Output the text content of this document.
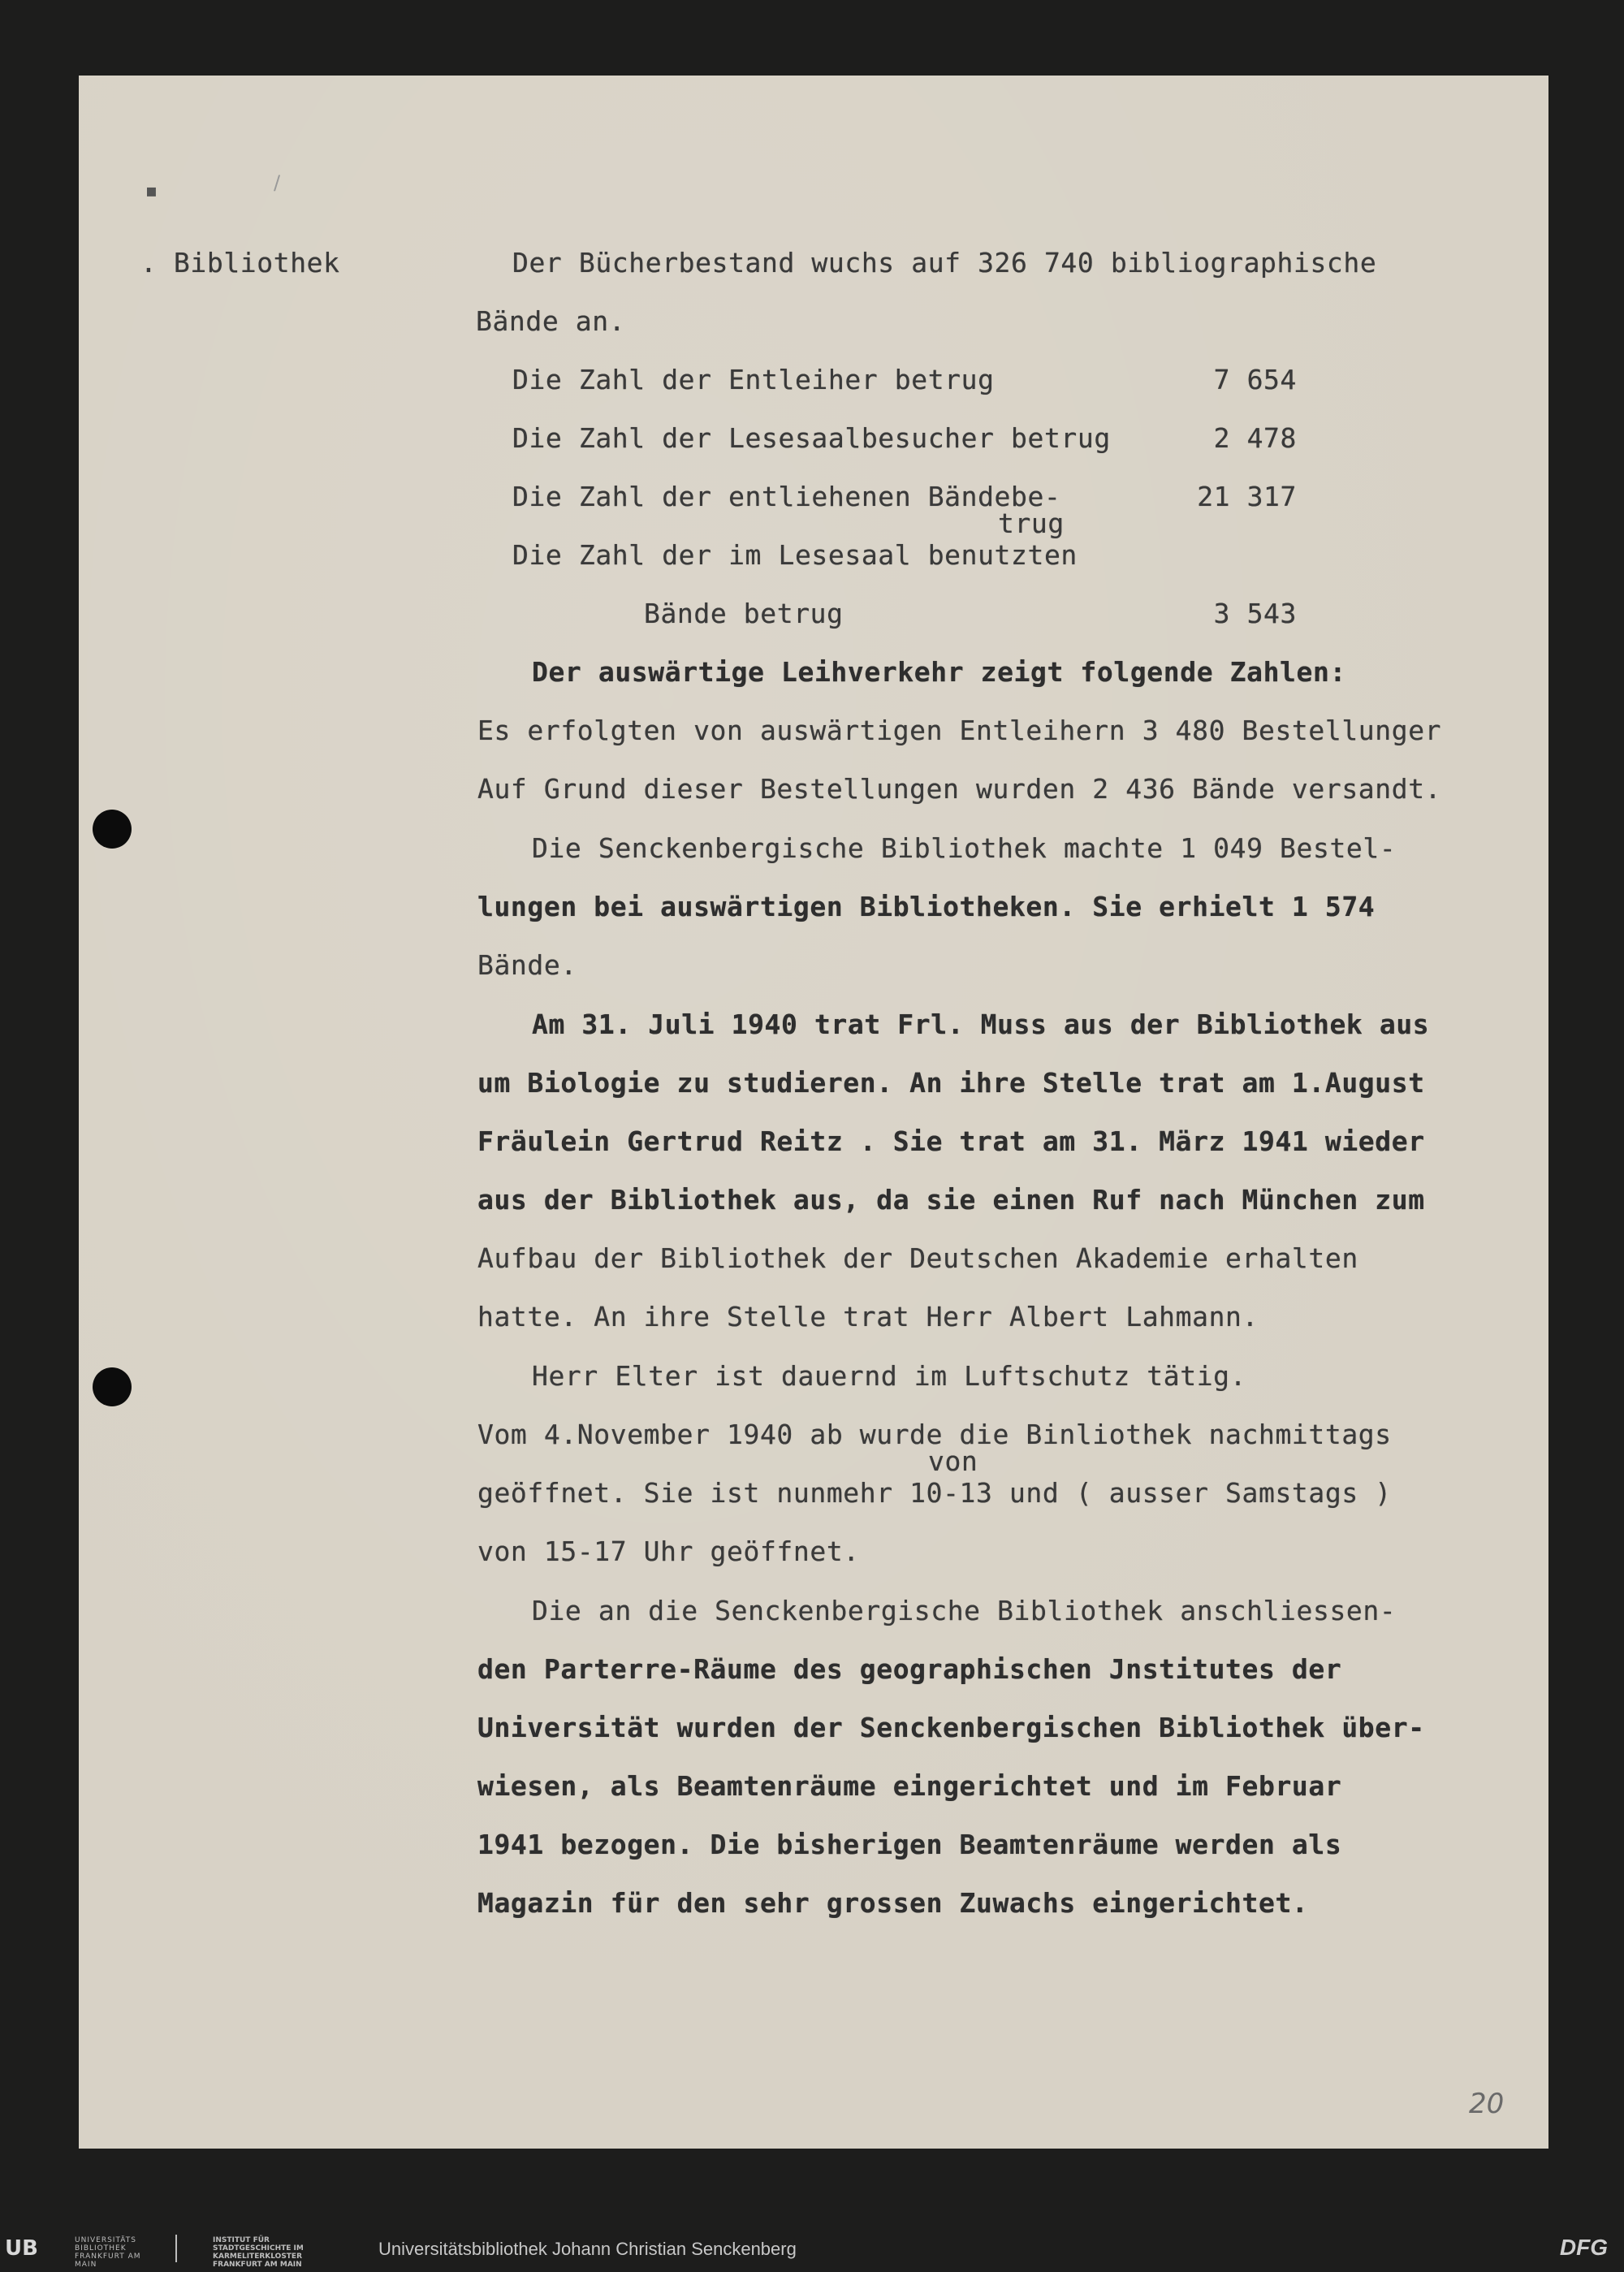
▪	/
. Bibliothek	Der Bücherbestand wuchs auf 326 740 bibliographische
Bände an.
Die Zahl der Entleiher betrug	7 654
Die Zahl der Lesesaalbesucher betrug	2 478
Die Zahl der entliehenen Bändebe-	21 317
trug
Die Zahl der im Lesesaal benutzten
Bände betrug	3 543
Der auswärtige Leihverkehr zeigt folgende Zahlen:
Es erfolgten von auswärtigen Entleihern 3 480 Bestellunger
Auf Grund dieser Bestellungen wurden 2 436 Bände versandt.
Die Senckenbergische Bibliothek machte 1 049 Bestel-
lungen bei auswärtigen Bibliotheken. Sie erhielt 1 574
Bände.
Am 31. Juli 1940 trat Frl. Muss aus der Bibliothek aus
um Biologie zu studieren. An ihre Stelle trat am 1.August
Fräulein Gertrud Reitz . Sie trat am 31. März 1941 wieder
aus der Bibliothek aus, da sie einen Ruf nach München zum
Aufbau der Bibliothek der Deutschen Akademie erhalten
hatte. An ihre Stelle trat Herr Albert Lahmann.
Herr Elter ist dauernd im Luftschutz tätig.
Vom 4.November 1940 ab wurde die Binliothek nachmittags
von
geöffnet. Sie ist nunmehr 10-13 und ( ausser Samstags )
von 15-17 Uhr geöffnet.
Die an die Senckenbergische Bibliothek anschliessen-
den Parterre-Räume des geographischen Jnstitutes der
Universität wurden der Senckenbergischen Bibliothek über-
wiesen, als Beamtenräume eingerichtet und im Februar
1941 bezogen. Die bisherigen Beamtenräume werden als
Magazin für den sehr grossen Zuwachs eingerichtet.
20
UB	UNIVERSITÄTS BIBLIOTHEK FRANKFURT AM MAIN
INSTITUT FÜR STADTGESCHICHTE IM KARMELITERKLOSTER FRANKFURT AM MAIN
Universitätsbibliothek Johann Christian Senckenberg	DFG
